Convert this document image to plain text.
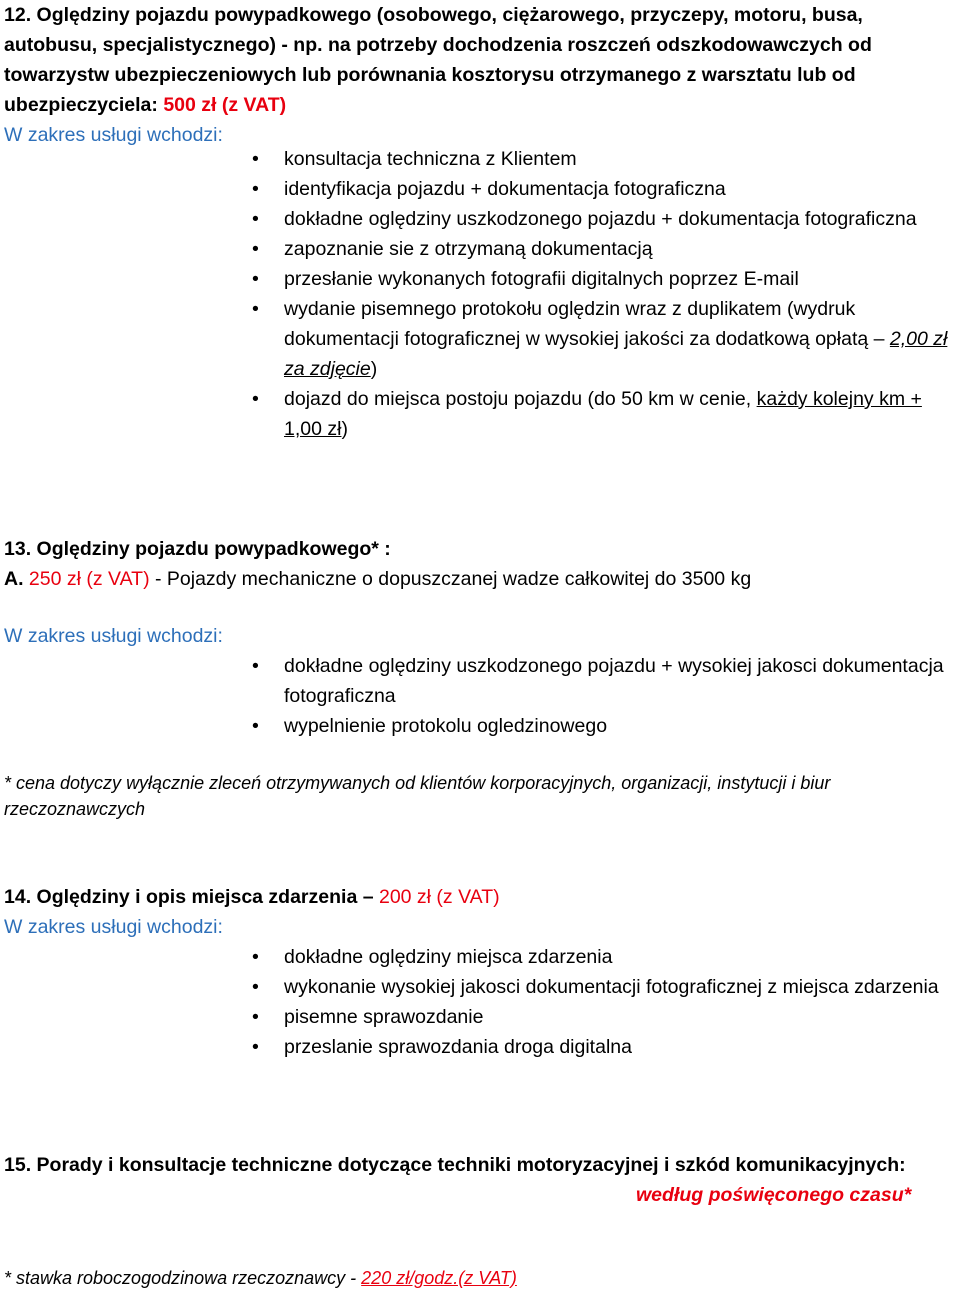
12. Oględziny pojazdu powypadkowego (osobowego, ciężarowego, przyczepy, motoru, busa, autobusu, specjalistycznego) - np. na potrzeby dochodzenia roszczeń odszkodowawczych od towarzystw ubezpieczeniowych lub porównania kosztorysu otrzymanego z warsztatu lub od ubezpieczyciela: 500 zł (z VAT)
W zakres usługi wchodzi:
• konsultacja techniczna z Klientem
• identyfikacja pojazdu + dokumentacja fotograficzna
• dokładne oględziny uszkodzonego pojazdu + dokumentacja fotograficzna
• zapoznanie sie z otrzymaną dokumentacją
• przesłanie wykonanych fotografii digitalnych poprzez E-mail
• wydanie pisemnego protokołu oględzin wraz z duplikatem (wydruk dokumentacji fotograficznej w wysokiej jakości za dodatkową opłatą – 2,00 zł za zdjęcie)
• dojazd do miejsca postoju pojazdu (do 50 km w cenie, każdy kolejny km + 1,00 zł)
13. Oględziny pojazdu powypadkowego* :
A. 250 zł (z VAT) - Pojazdy mechaniczne o dopuszczanej wadze całkowitej do 3500 kg
W zakres usługi wchodzi:
• dokładne oględziny uszkodzonego pojazdu + wysokiej jakosci dokumentacja fotograficzna
• wypelnienie protokolu ogledzinowego
* cena dotyczy wyłącznie zleceń otrzymywanych od klientów korporacyjnych, organizacji, instytucji i biur rzeczoznawczych
14. Oględziny i opis miejsca zdarzenia – 200 zł (z VAT)
W zakres usługi wchodzi:
• dokładne oględziny miejsca zdarzenia
• wykonanie wysokiej jakosci dokumentacji fotograficznej z miejsca zdarzenia
• pisemne sprawozdanie
• przeslanie sprawozdania droga digitalna
15. Porady i konsultacje techniczne dotyczące techniki motoryzacyjnej i szkód komunikacyjnych:
według poświęconego czasu*
* stawka roboczogodzinowa rzeczoznawcy - 220 zł/godz.(z VAT)
